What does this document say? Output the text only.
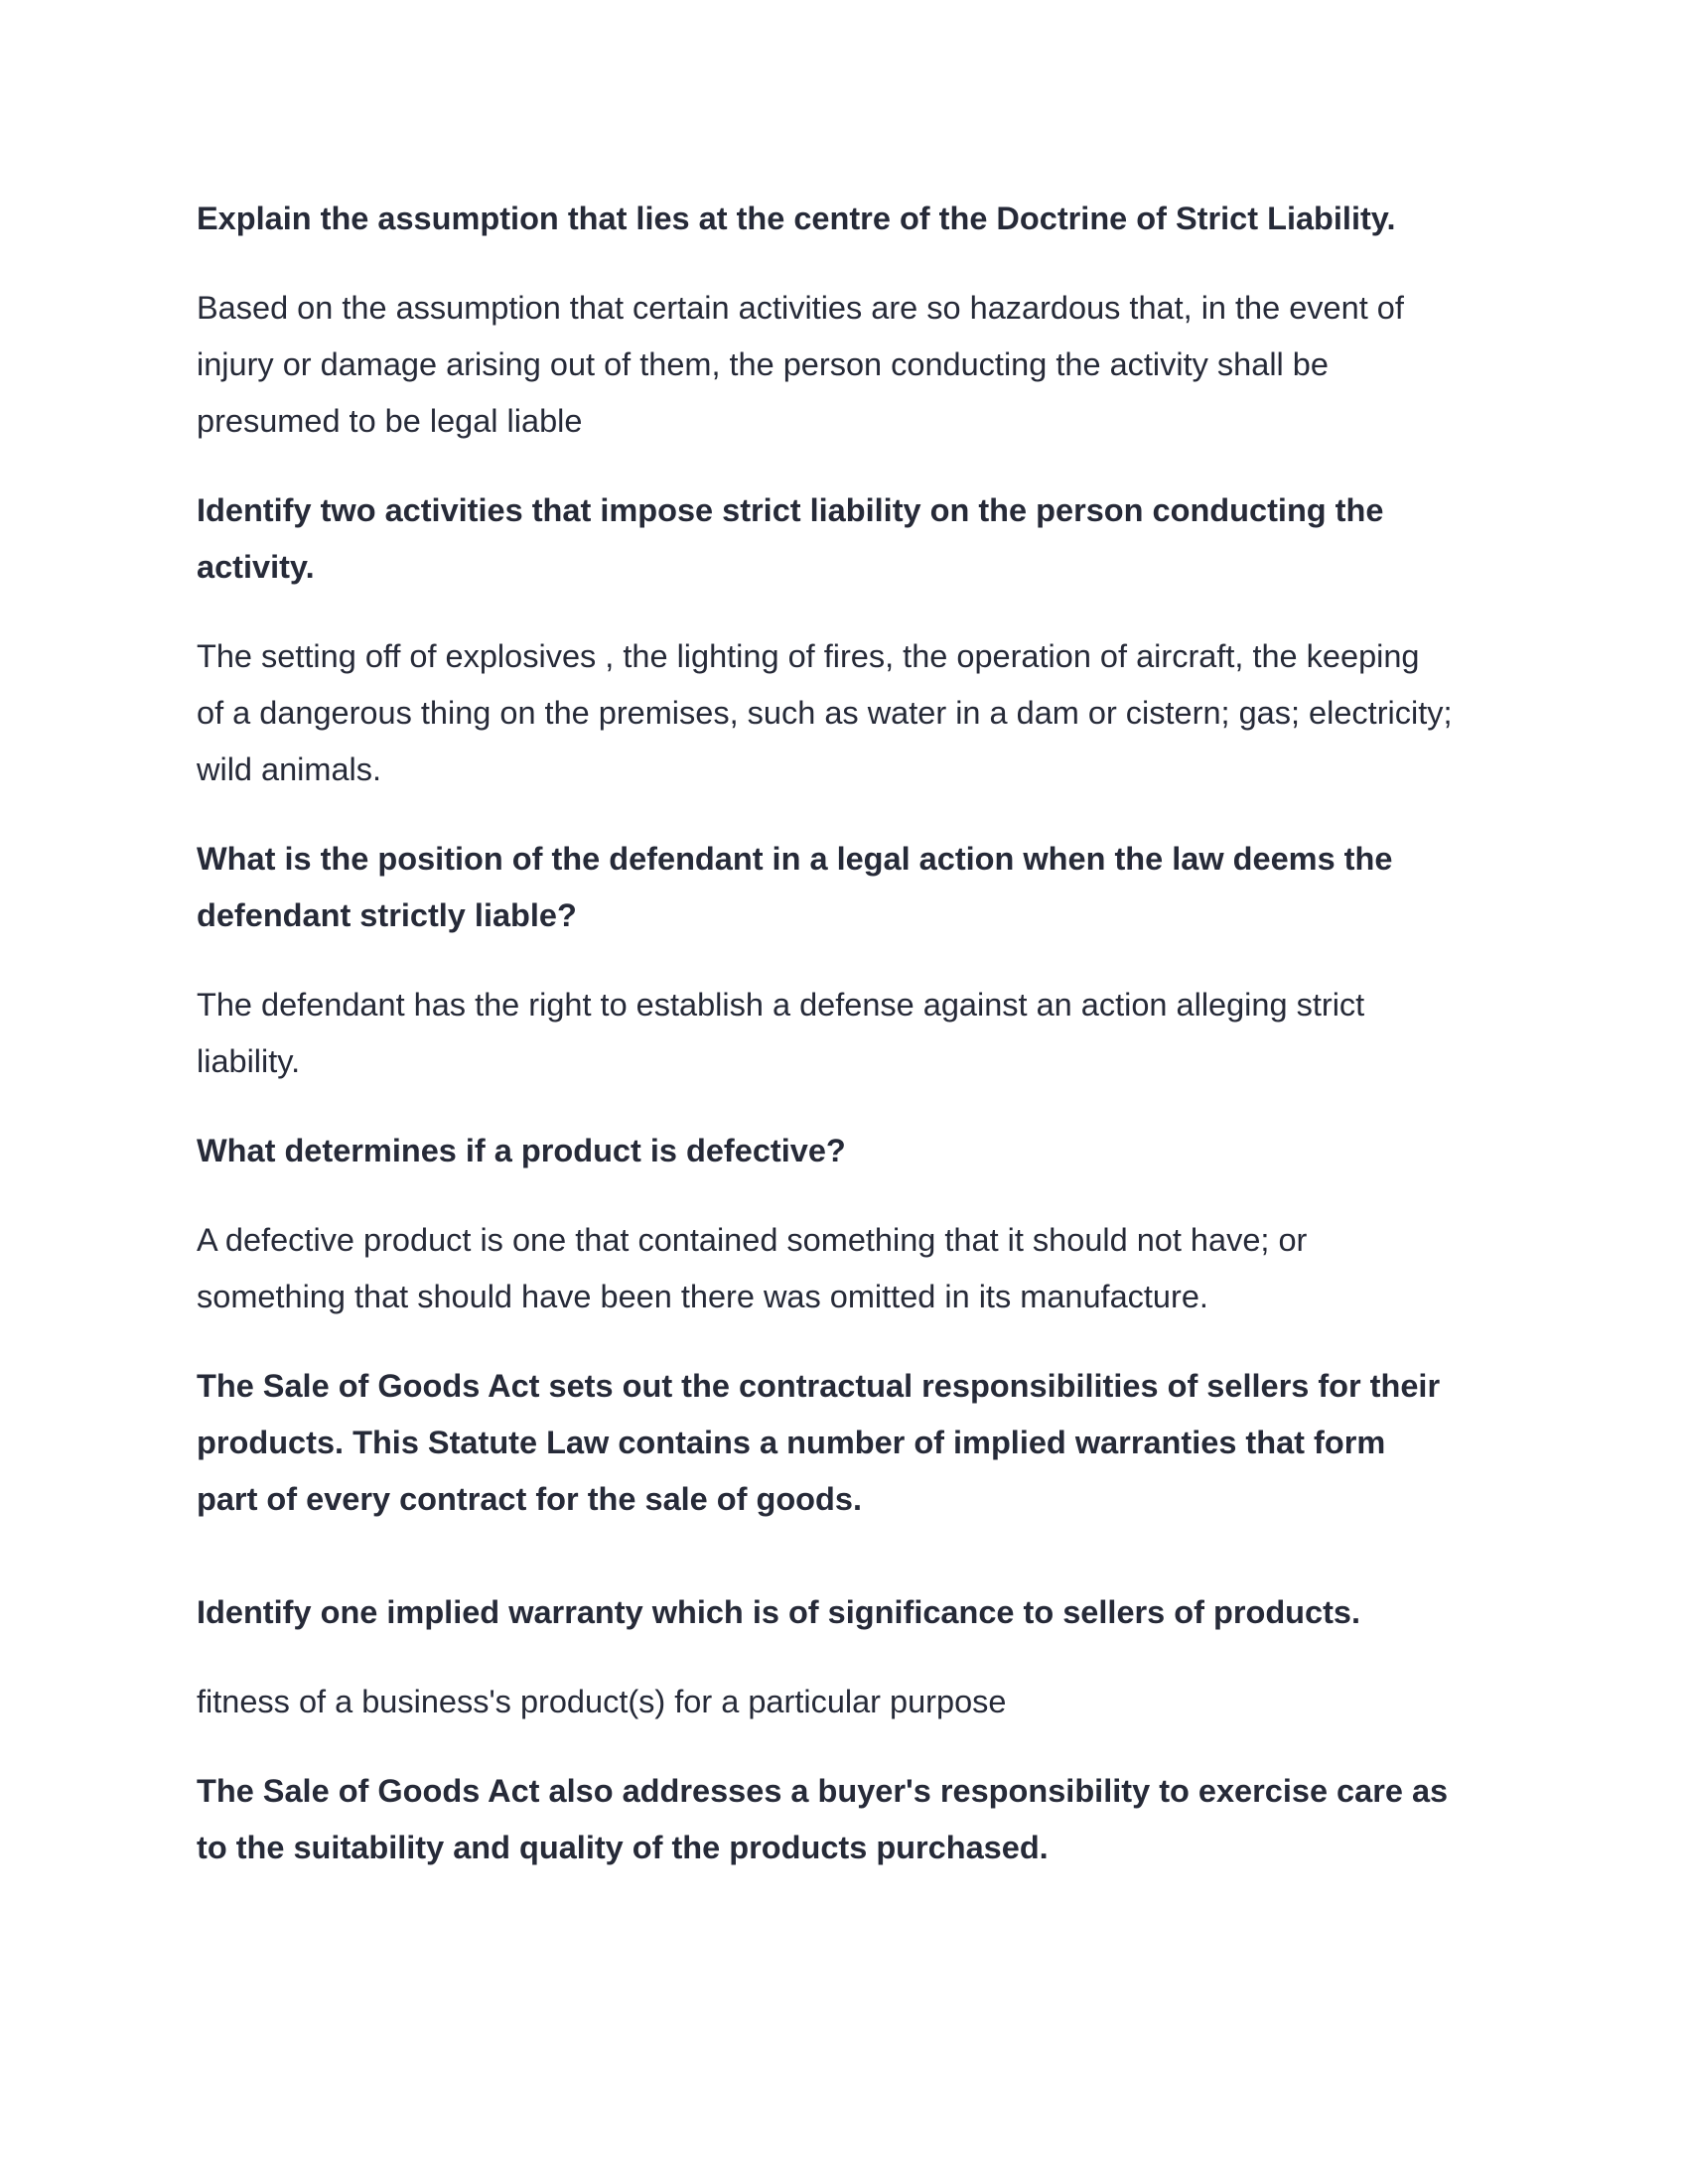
Explain the assumption that lies at the centre of the Doctrine of Strict Liability.

Based on the assumption that certain activities are so hazardous that, in the event of
injury or damage arising out of them, the person conducting the activity shall be
presumed to be legal liable

Identify two activities that impose strict liability on the person conducting the
activity.

The setting off of explosives , the lighting of fires, the operation of aircraft, the keeping
of a dangerous thing on the premises, such as water in a dam or cistern; gas; electricity;
wild animals.

What is the position of the defendant in a legal action when the law deems the
defendant strictly liable?

The defendant has the right to establish a defense against an action alleging strict
liability.

What determines if a product is defective?

A defective product is one that contained something that it should not have; or
something that should have been there was omitted in its manufacture.

The Sale of Goods Act sets out the contractual responsibilities of sellers for their
products. This Statute Law contains a number of implied warranties that form
part of every contract for the sale of goods.

Identify one implied warranty which is of significance to sellers of products.

fitness of a business's product(s) for a particular purpose

The Sale of Goods Act also addresses a buyer's responsibility to exercise care as
to the suitability and quality of the products purchased.
